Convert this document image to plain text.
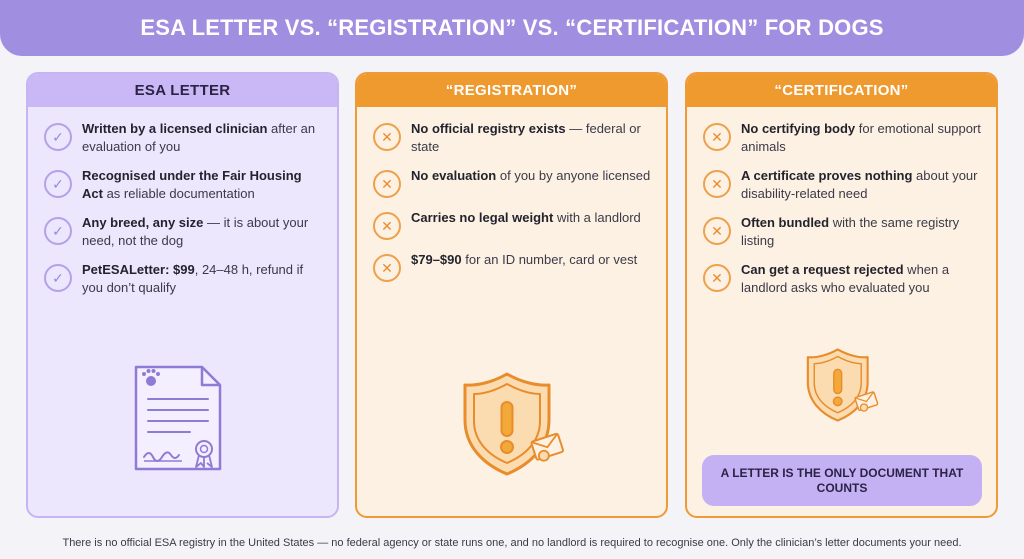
ESA LETTER VS. “REGISTRATION” VS. “CERTIFICATION” FOR DOGS
ESA LETTER
✓	Written by a licensed clinician after an evaluation of you
✓	Recognised under the Fair Housing Act as reliable documentation
✓	Any breed, any size — it is about your need, not the dog
✓	PetESALetter: $99, 24–48 h, refund if you don’t qualify
“REGISTRATION”
✕	No official registry exists — federal or state
✕	No evaluation of you by anyone licensed
✕	Carries no legal weight with a landlord
✕	$79–$90 for an ID number, card or vest
“CERTIFICATION”
✕	No certifying body for emotional support animals
✕	A certificate proves nothing about your disability-related need
✕	Often bundled with the same registry listing
✕	Can get a request rejected when a landlord asks who evaluated you
A LETTER IS THE ONLY DOCUMENT THAT COUNTS

There is no official ESA registry in the United States — no federal agency or state runs one, and no landlord is required to recognise one. Only the clinician’s letter documents your need.
